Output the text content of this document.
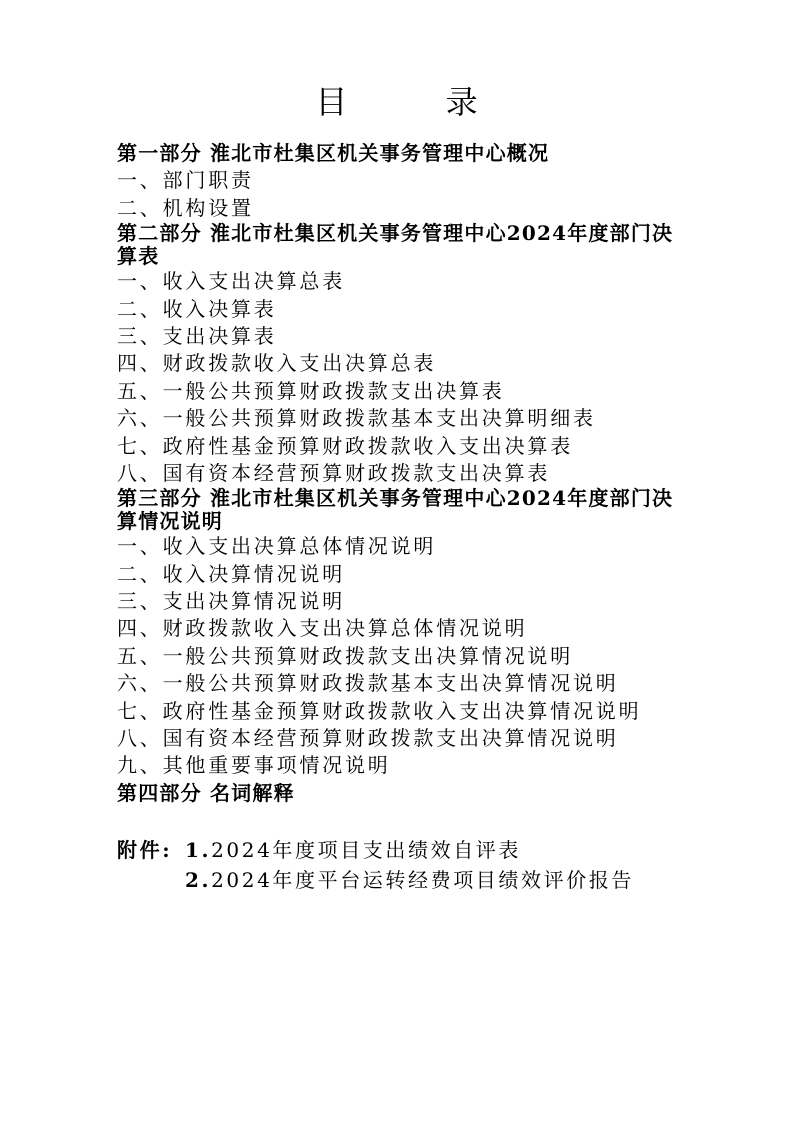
目 录
第一部分 淮北市杜集区机关事务管理中心概况
一、部门职责
二、机构设置
第二部分 淮北市杜集区机关事务管理中心2024年度部门决算表
一、收入支出决算总表
二、收入决算表
三、支出决算表
四、财政拨款收入支出决算总表
五、一般公共预算财政拨款支出决算表
六、一般公共预算财政拨款基本支出决算明细表
七、政府性基金预算财政拨款收入支出决算表
八、国有资本经营预算财政拨款支出决算表
第三部分 淮北市杜集区机关事务管理中心2024年度部门决算情况说明
一、收入支出决算总体情况说明
二、收入决算情况说明
三、支出决算情况说明
四、财政拨款收入支出决算总体情况说明
五、一般公共预算财政拨款支出决算情况说明
六、一般公共预算财政拨款基本支出决算情况说明
七、政府性基金预算财政拨款收入支出决算情况说明
八、国有资本经营预算财政拨款支出决算情况说明
九、其他重要事项情况说明
第四部分 名词解释
附件: 1.2024年度项目支出绩效自评表
2.2024年度平台运转经费项目绩效评价报告
